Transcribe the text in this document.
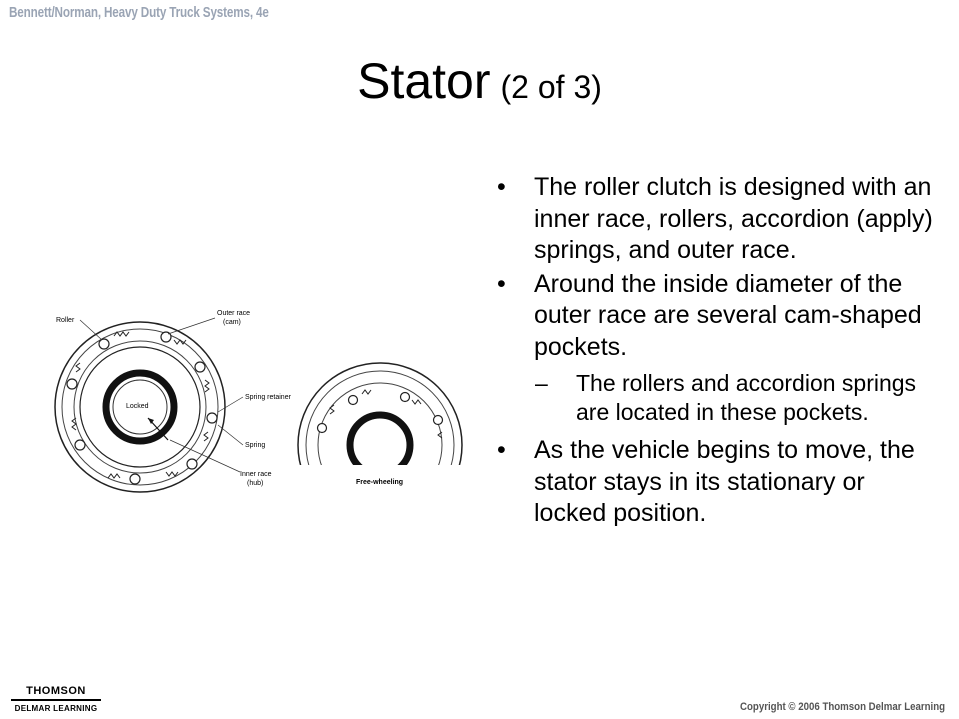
Bennett/Norman, Heavy Duty Truck Systems, 4e
Stator (2 of 3)
• The roller clutch is designed with an inner race, rollers, accordion (apply) springs, and outer race.
• Around the inside diameter of the outer race are several cam-shaped pockets.
– The rollers and accordion springs are located in these pockets.
• As the vehicle begins to move, the stator stays in its stationary or locked position.
Locked
Roller
Outer race
(cam)
Spring retainer
Spring
Inner race
(hub)	Free-wheeling
THOMSON
DELMAR LEARNING	Copyright © 2006 Thomson Delmar Learning
